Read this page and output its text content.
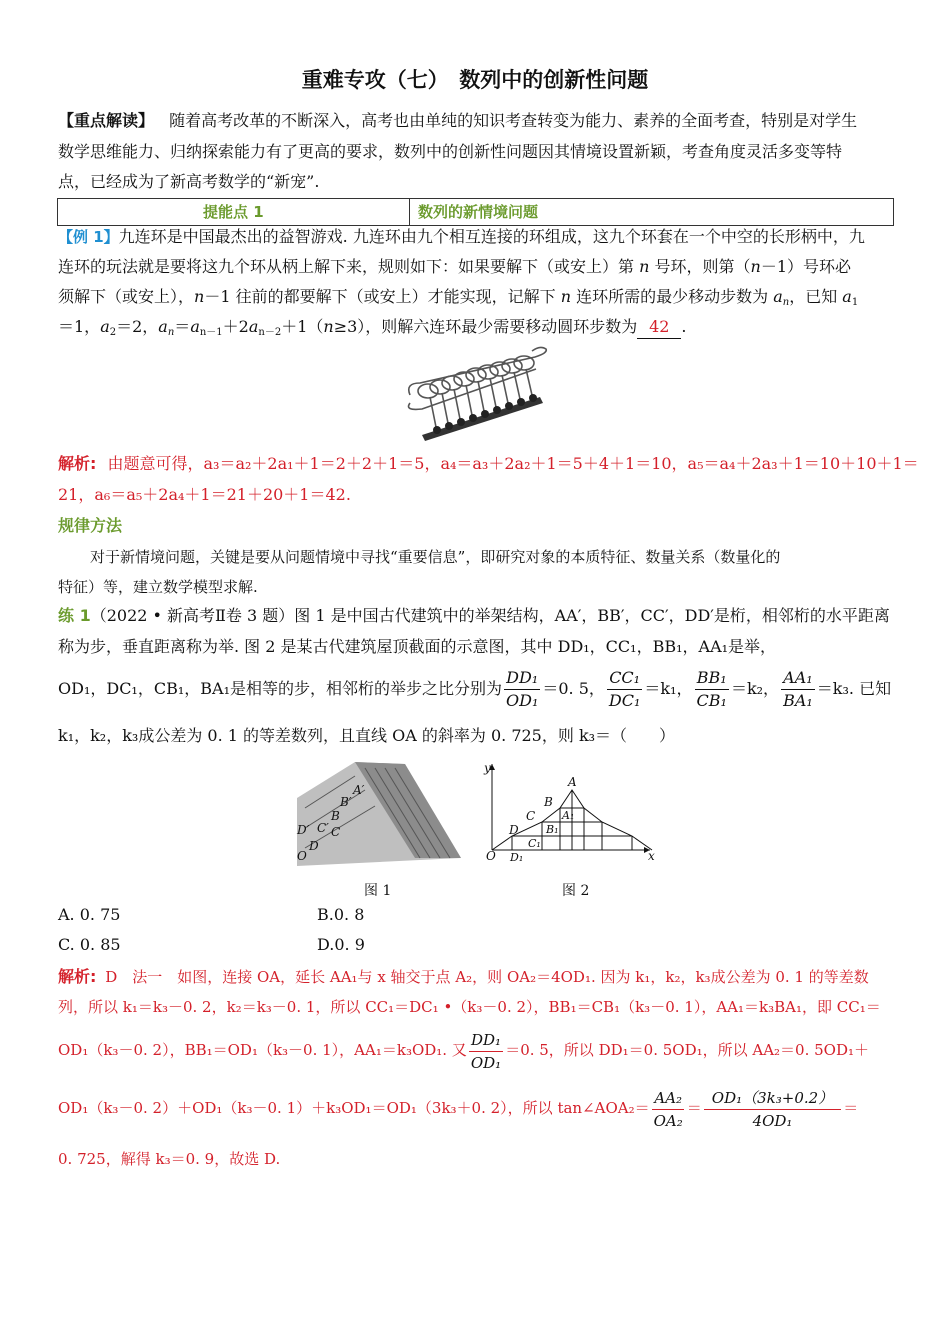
重难专攻（七）　数列中的创新性问题
【重点解读】 随着高考改革的不断深入，高考也由单纯的知识考查转变为能力、素养的全面考查，特别是对学生
数学思维能力、归纳探索能力有了更高的要求，数列中的创新性问题因其情境设置新颖，考查角度灵活多变等特
点，已经成为了新高考数学的“新宠”.
提能点 1	数列的新情境问题
【例 1】九连环是中国最杰出的益智游戏. 九连环由九个相互连接的环组成，这九个环套在一个中空的长形柄中，九
连环的玩法就是要将这九个环从柄上解下来，规则如下：如果要解下（或安上）第 n 号环，则第（n－1）号环必
须解下（或安上），n－1 往前的都要解下（或安上）才能实现，记解下 n 连环所需的最少移动步数为 $a_n$，已知 $a_1$
＝1，$a_2=2$，$a_n=a_{n-1}+2a_{n-2}+1(n\ge 3)$，则解六连环最少需要移动圆环步数为 42 .
解析: 由题意可得，a₃＝a₂＋2a₁＋1＝2＋2＋1＝5，a₄＝a₃＋2a₂＋1＝5＋4＋1＝10，a₅＝a₄＋2a₃＋1＝10＋10＋1＝
21，a₆＝a₅＋2a₄＋1＝21＋20＋1＝42.
规律方法
对于新情境问题，关键是要从问题情境中寻找“重要信息”，即研究对象的本质特征、数量关系（数量化的
特征）等，建立数学模型求解.
练 1（2022 • 新高考Ⅱ卷 3 题）图 1 是中国古代建筑中的举架结构，AA′，BB′，CC′，DD′是桁，相邻桁的水平距离
称为步，垂直距离称为举. 图 2 是某古代建筑屋顶截面的示意图，其中 DD₁，CC₁，BB₁，AA₁是举，
OD₁，DC₁，CB₁，BA₁是相等的步，相邻桁的举步之比分别为 $\frac{\text{DD₁}}{\text{OD₁}} =0$. 5， $\frac{\text{CC₁}}{\text{DC₁}} =k_1$， $\frac{\text{BB₁}}{\text{CB₁}} =k_2$， $\frac{\text{AA₁}}{\text{BA₁}} =k_3$. 已知
k₁，k₂，k₃成公差为 0. 1 的等差数列，且直线 OA 的斜率为 0. 725，则 k₃＝（　　）
B′
B
C′ C
D′
D
O
A′
A
B
C
D
O	x
y
A₁
B₁
C₁
D₁
图 1	图 2
A. 0. 75	B.0. 8
C. 0. 85	D.0. 9
解析: D　法一　如图，连接 OA，延长 AA₁与 x 轴交于点 A₂，则 OA₂＝4OD₁. 因为 k₁，k₂，k₃成公差为 0. 1 的等差数
列，所以 k₁＝k₃－0. 2，k₂＝k₃－0. 1，所以 CC₁＝DC₁ •（k₃－0. 2），BB₁＝CB₁（k₃－0. 1），AA₁＝k₃BA₁，即 CC₁＝
OD₁（k₃－0. 2），BB₁＝OD₁（k₃－0. 1），AA₁＝k₃OD₁. 又 $\frac{\text{DD₁}}{\text{OD₁}} =0$. 5，所以 DD₁＝0. 5OD₁，所以 AA₂＝0. 5OD₁＋
OD₁（k₃－0. 2）＋OD₁（k₃－0. 1）＋k₃OD₁＝OD₁（3k₃＋0. 2），所以 tan∠AOA₂＝ $\frac{\text{AA₂}}{\text{OA₂}} = \frac{\text{OD₁（3k₃+0.2）}}{\text{4OD₁}}$ ＝
0. 725，解得 k₃＝0. 9，故选 D.
